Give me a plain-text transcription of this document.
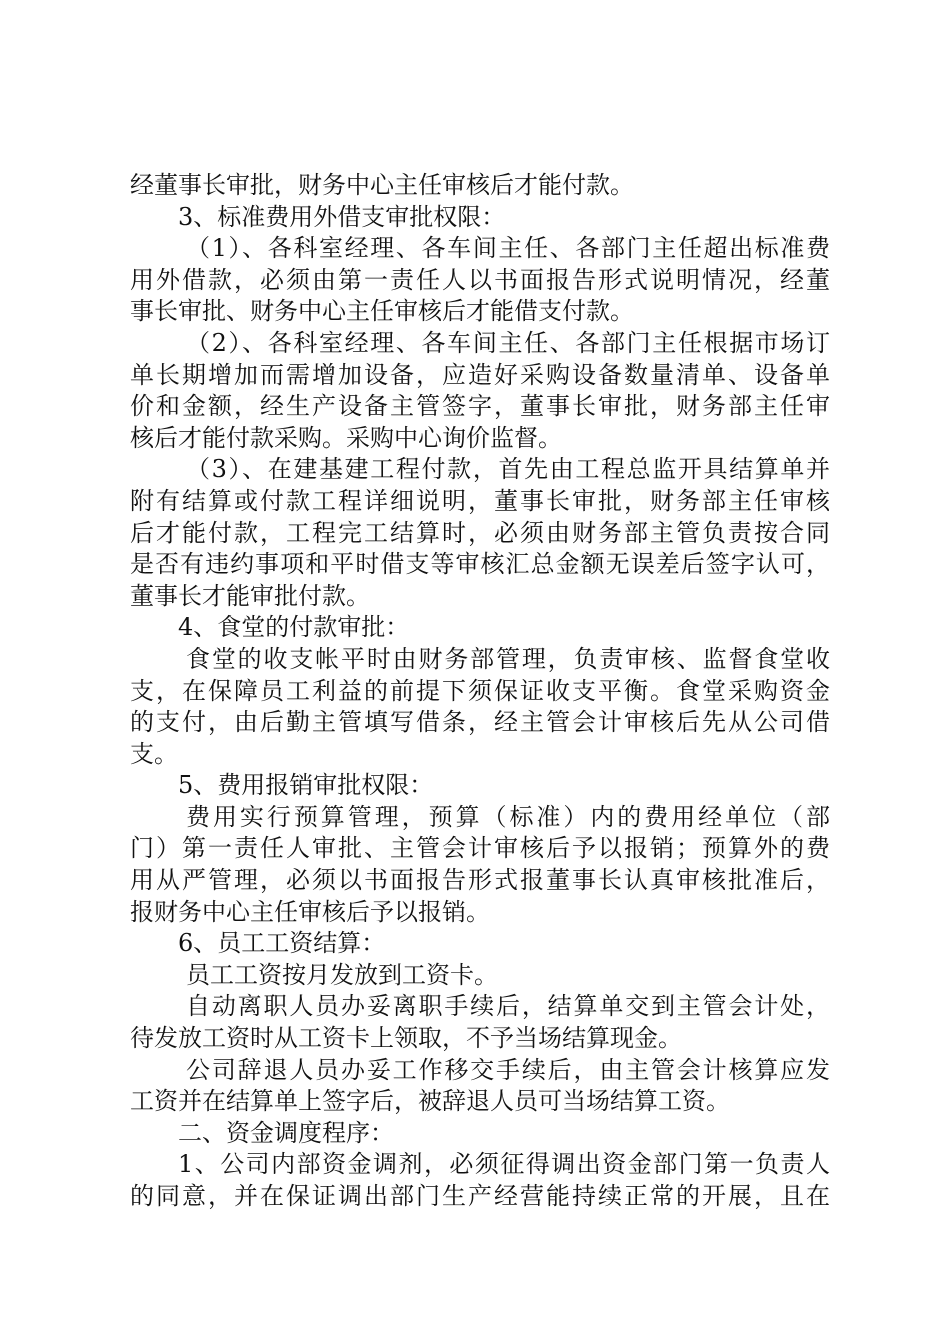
经董事长审批，财务中心主任审核后才能付款。
3、标准费用外借支审批权限：
（1）、各科室经理、各车间主任、各部门主任超出标准费
用外借款，必须由第一责任人以书面报告形式说明情况，经董
事长审批、财务中心主任审核后才能借支付款。
（2）、各科室经理、各车间主任、各部门主任根据市场订
单长期增加而需增加设备，应造好采购设备数量清单、设备单
价和金额，经生产设备主管签字，董事长审批，财务部主任审
核后才能付款采购。采购中心询价监督。
（3）、在建基建工程付款，首先由工程总监开具结算单并
附有结算或付款工程详细说明，董事长审批，财务部主任审核
后才能付款，工程完工结算时，必须由财务部主管负责按合同
是否有违约事项和平时借支等审核汇总金额无误差后签字认可，
董事长才能审批付款。
4、食堂的付款审批：
食堂的收支帐平时由财务部管理，负责审核、监督食堂收
支，在保障员工利益的前提下须保证收支平衡。食堂采购资金
的支付，由后勤主管填写借条，经主管会计审核后先从公司借
支。
5、费用报销审批权限：
费用实行预算管理，预算（标准）内的费用经单位（部
门）第一责任人审批、主管会计审核后予以报销；预算外的费
用从严管理，必须以书面报告形式报董事长认真审核批准后，
报财务中心主任审核后予以报销。
6、员工工资结算：
员工工资按月发放到工资卡。
自动离职人员办妥离职手续后，结算单交到主管会计处，
待发放工资时从工资卡上领取，不予当场结算现金。
公司辞退人员办妥工作移交手续后，由主管会计核算应发
工资并在结算单上签字后，被辞退人员可当场结算工资。
二、资金调度程序：
1、公司内部资金调剂，必须征得调出资金部门第一负责人
的同意，并在保证调出部门生产经营能持续正常的开展，且在
